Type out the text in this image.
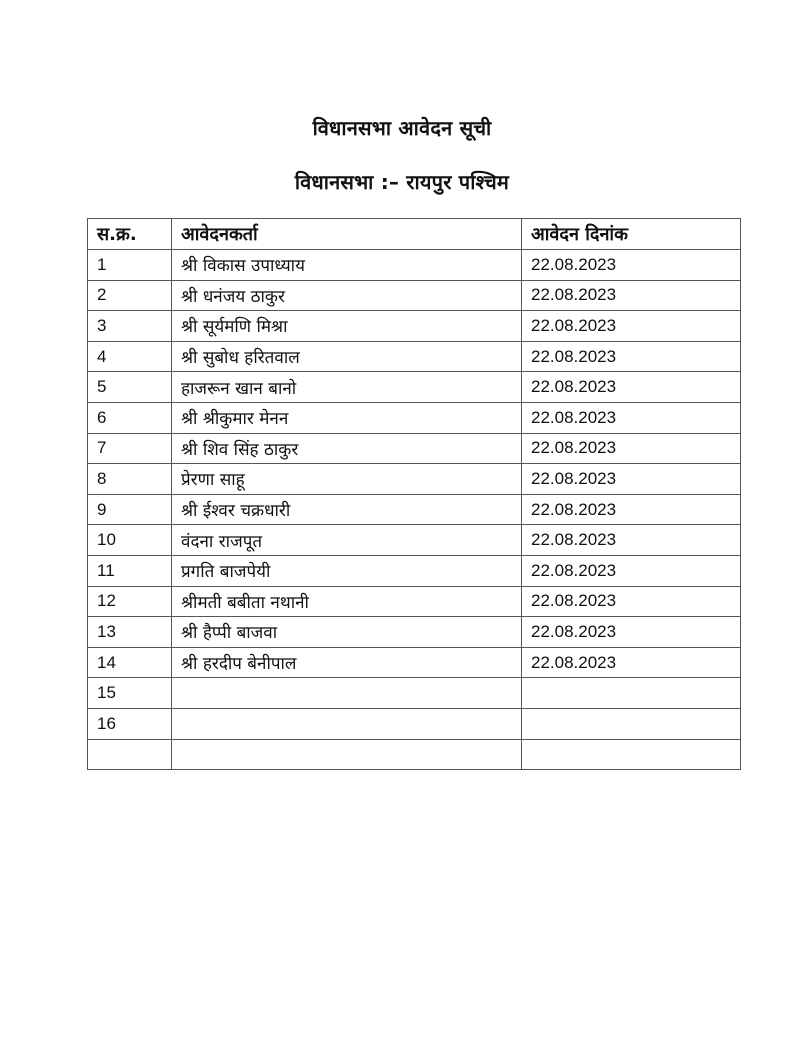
विधानसभा आवेदन सूची
विधानसभा :– रायपुर पश्चिम
स.क्र.	आवेदनकर्ता	आवेदन दिनांक
1	श्री विकास उपाध्याय	22.08.2023
2	श्री धनंजय ठाकुर	22.08.2023
3	श्री सूर्यमणि मिश्रा	22.08.2023
4	श्री सुबोध हरितवाल	22.08.2023
5	हाजरून खान बानो	22.08.2023
6	श्री श्रीकुमार मेनन	22.08.2023
7	श्री शिव सिंह ठाकुर	22.08.2023
8	प्रेरणा साहू	22.08.2023
9	श्री ईश्वर चक्रधारी	22.08.2023
10	वंदना राजपूत	22.08.2023
11	प्रगति बाजपेयी	22.08.2023
12	श्रीमती बबीता नथानी	22.08.2023
13	श्री हैप्पी बाजवा	22.08.2023
14	श्री हरदीप बेनीपाल	22.08.2023
15		
16		
